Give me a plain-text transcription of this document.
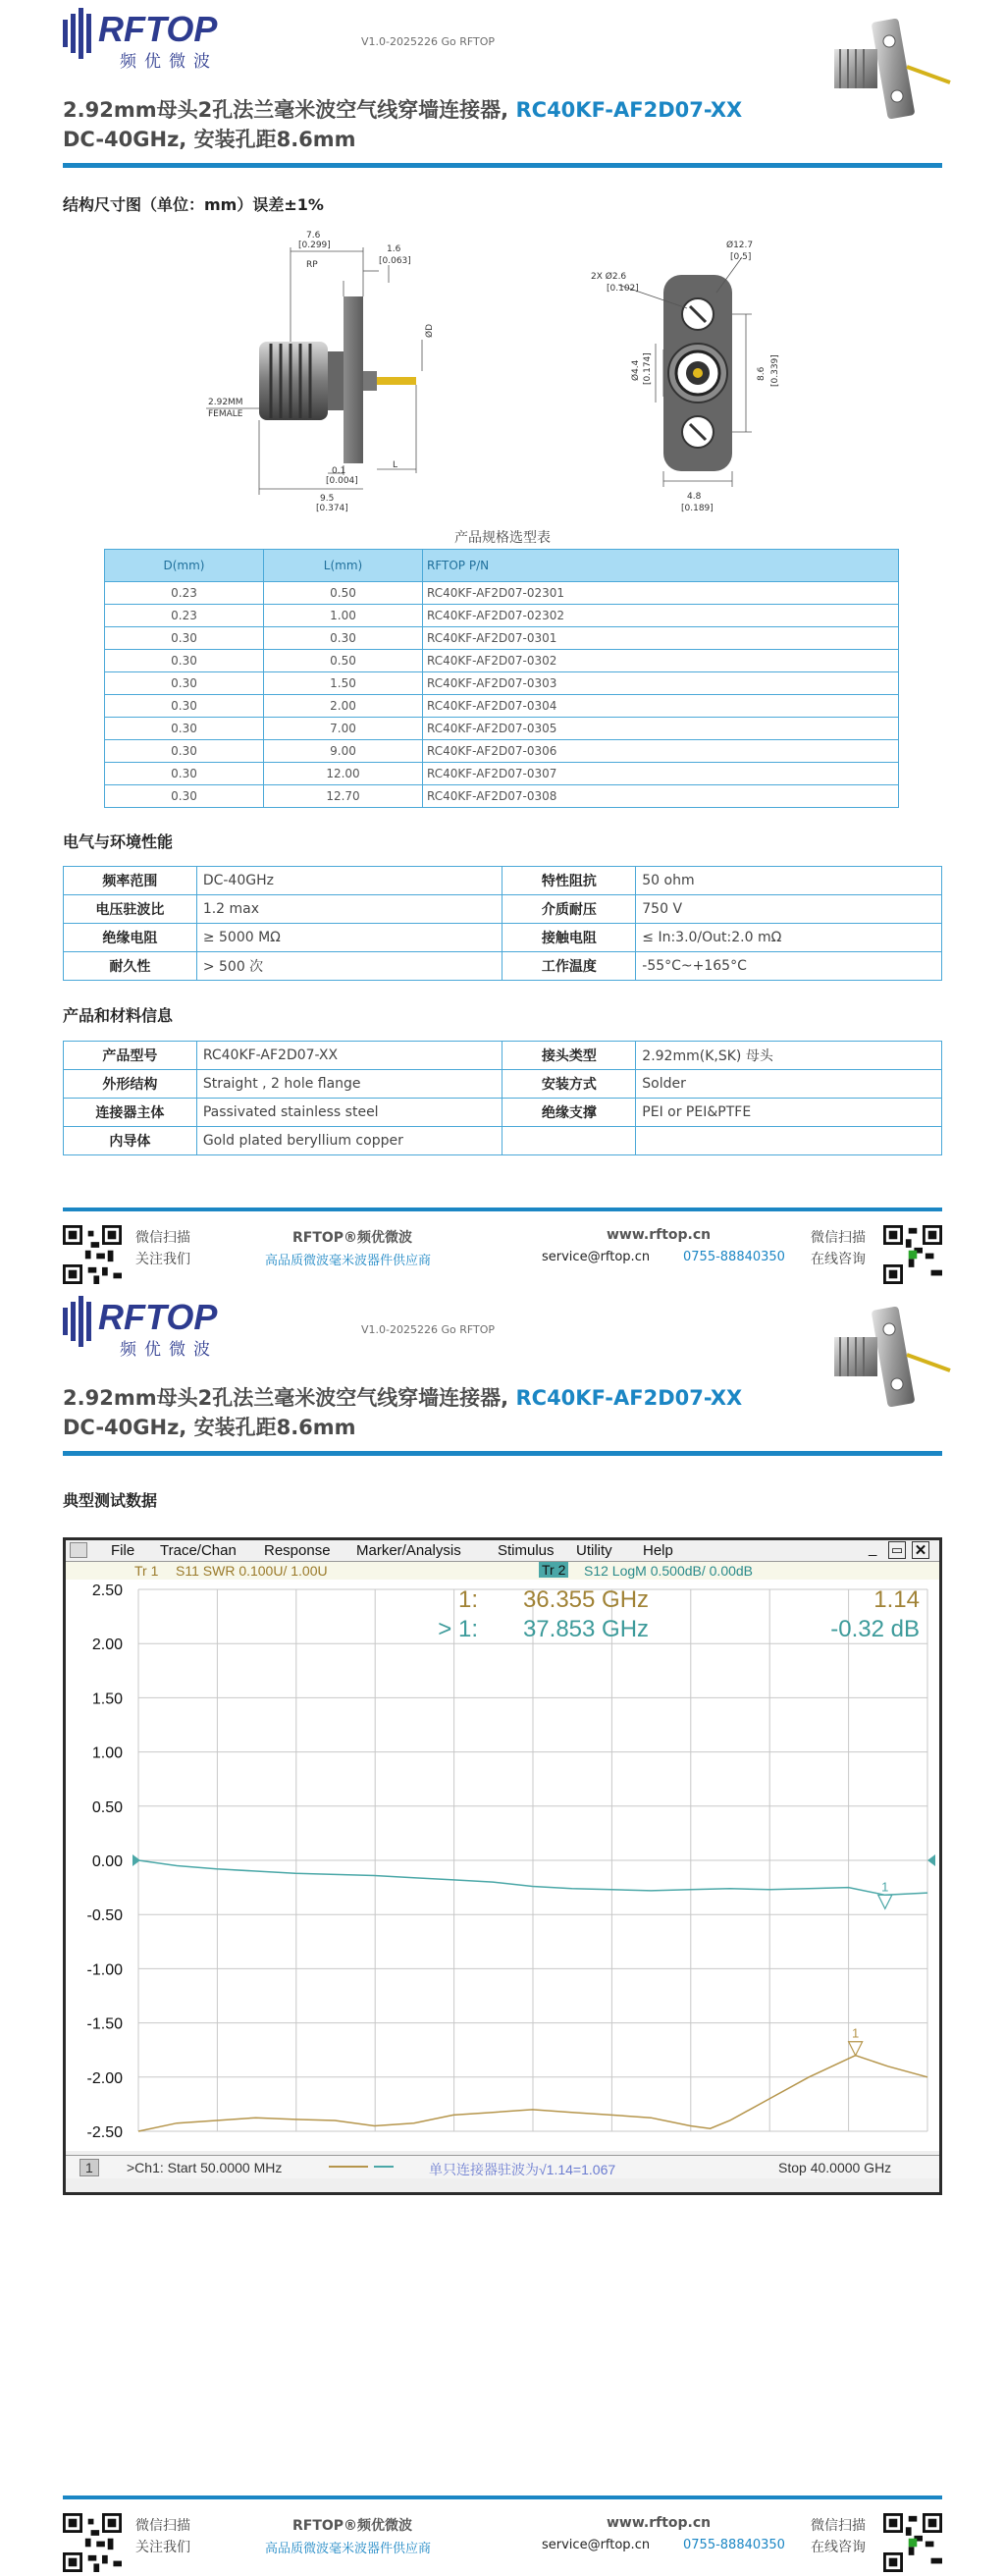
RFTOP
频优微波
V1.0-2025226 Go RFTOP
2.92mm母头2孔法兰毫米波空气线穿墙连接器, RC40KF-AF2D07-XX
DC-40GHz, 安装孔距8.6mm
结构尺寸图（单位：mm）误差±1%
7.6
[0.299]
RP
1.6
[0.063]
ØD
2.92MM
FEMALE
0.1
[0.004]
9.5
[0.374]
L
2X Ø2.6
[0.102]
Ø12.7
[0.5]
Ø4.4 [0.174]	8.6 [0.339]
4.8
[0.189]
产品规格选型表
D(mm)	L(mm)	RFTOP P/N
0.23	0.50	RC40KF-AF2D07-02301
0.23	1.00	RC40KF-AF2D07-02302
0.30	0.30	RC40KF-AF2D07-0301
0.30	0.50	RC40KF-AF2D07-0302
0.30	1.50	RC40KF-AF2D07-0303
0.30	2.00	RC40KF-AF2D07-0304
0.30	7.00	RC40KF-AF2D07-0305
0.30	9.00	RC40KF-AF2D07-0306
0.30	12.00	RC40KF-AF2D07-0307
0.30	12.70	RC40KF-AF2D07-0308
电气与环境性能
频率范围	DC-40GHz	特性阻抗	50 ohm
电压驻波比	1.2 max	介质耐压	750 V
绝缘电阻	≥ 5000 MΩ	接触电阻	≤ In:3.0/Out:2.0 mΩ
耐久性	> 500 次	工作温度	-55°C~+165°C
产品和材料信息
产品型号	RC40KF-AF2D07-XX	接头类型	2.92mm(K,SK) 母头
外形结构	Straight , 2 hole flange	安装方式	Solder
连接器主体	Passivated stainless steel	绝缘支撑	PEI or PEI&PTFE
内导体	Gold plated beryllium copper		
微信扫描
关注我们
RFTOP®频优微波
高品质微波毫米波器件供应商
www.rftop.cn
service@rftop.cn	0755-88840350
微信扫描
在线咨询
RFTOP
频优微波
V1.0-2025226 Go RFTOP
2.92mm母头2孔法兰毫米波空气线穿墙连接器, RC40KF-AF2D07-XX
DC-40GHz, 安装孔距8.6mm
典型测试数据
File Trace/Chan Response Marker/Analysis Stimulus Utility Help	_ ▭ ✕
Tr 1 S11 SWR 0.100U/ 1.00U	Tr 2 S12 LogM 0.500dB/ 0.00dB
2.50
2.00
1.50
1.00
0.50
0.00
-0.50
-1.00
-1.50
-2.00
-2.50
1: 36.355 GHz	1.14
> 1: 37.853 GHz	-0.32 dB
1
1
1	>Ch1: Start 50.0000 MHz	单只连接器驻波为√1.14=1.067	Stop 40.0000 GHz
微信扫描
关注我们
RFTOP®频优微波
高品质微波毫米波器件供应商
www.rftop.cn
service@rftop.cn	0755-88840350
微信扫描
在线咨询
